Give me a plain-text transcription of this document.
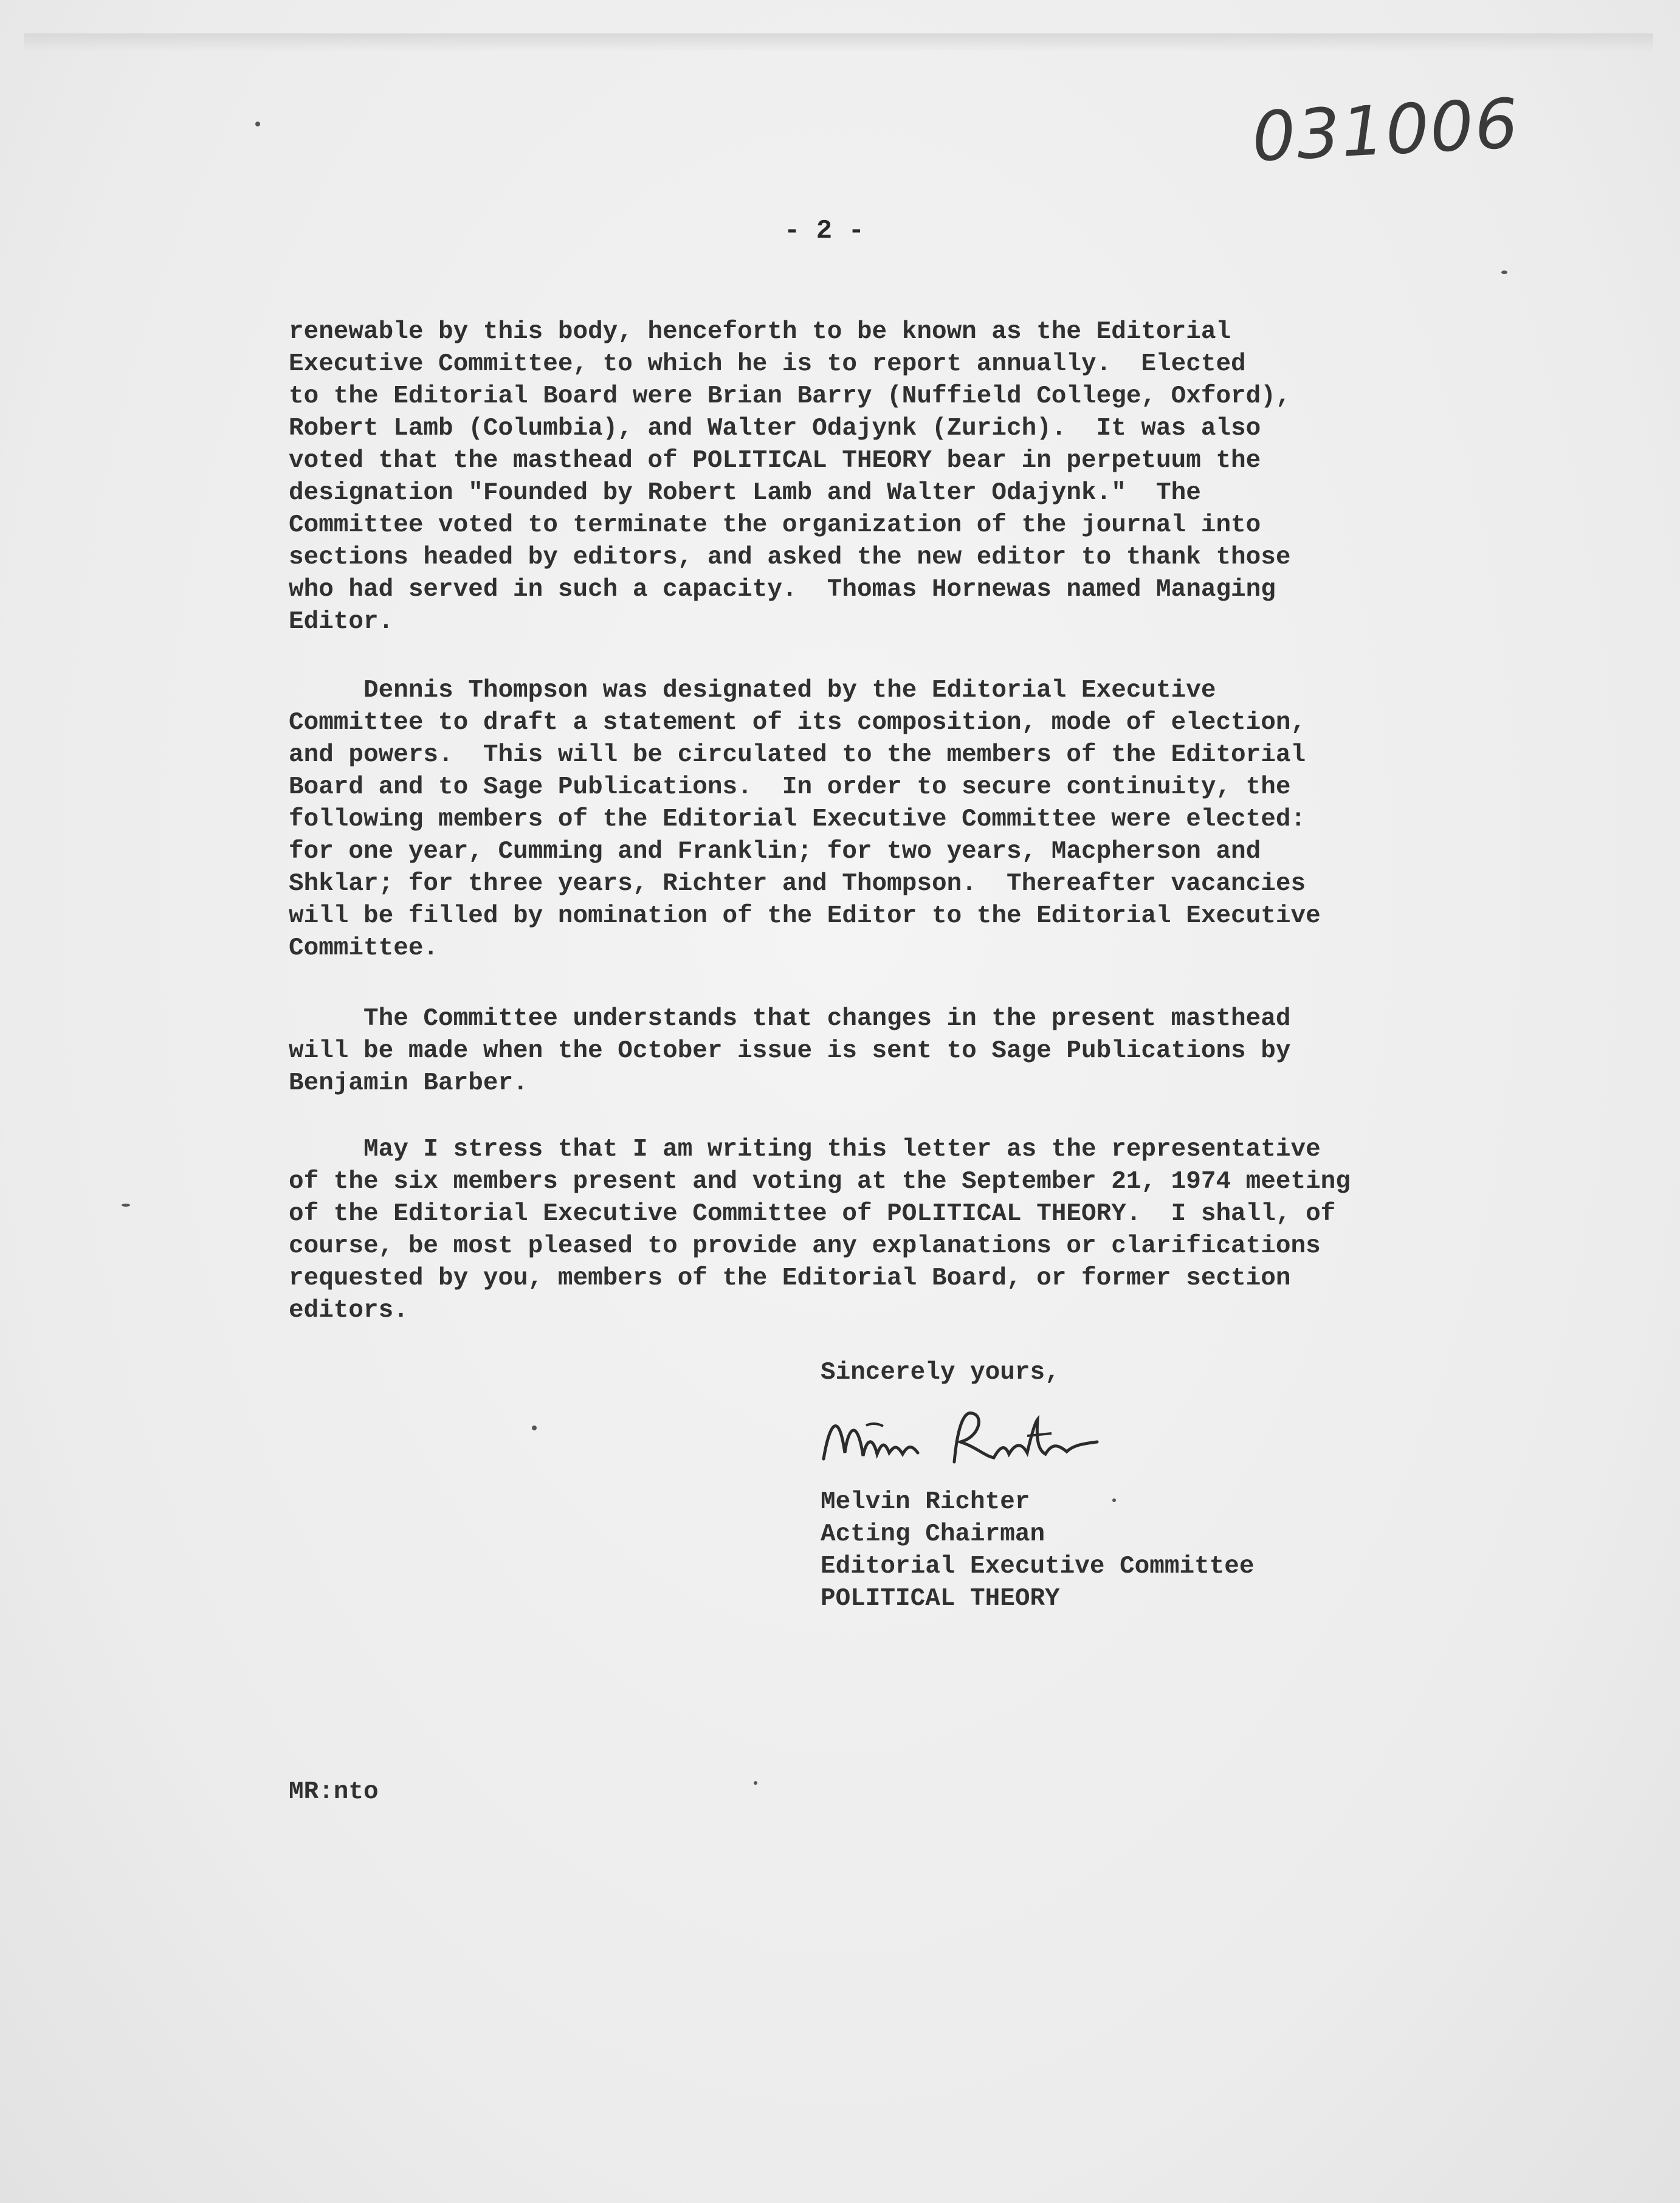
031006
- 2 -
renewable by this body, henceforth to be known as the Editorial
Executive Committee, to which he is to report annually.  Elected
to the Editorial Board were Brian Barry (Nuffield College, Oxford),
Robert Lamb (Columbia), and Walter Odajynk (Zurich).  It was also
voted that the masthead of POLITICAL THEORY bear in perpetuum the
designation "Founded by Robert Lamb and Walter Odajynk."  The
Committee voted to terminate the organization of the journal into
sections headed by editors, and asked the new editor to thank those
who had served in such a capacity.  Thomas Hornewas named Managing
Editor.
Dennis Thompson was designated by the Editorial Executive
Committee to draft a statement of its composition, mode of election,
and powers.  This will be circulated to the members of the Editorial
Board and to Sage Publications.  In order to secure continuity, the
following members of the Editorial Executive Committee were elected:
for one year, Cumming and Franklin; for two years, Macpherson and
Shklar; for three years, Richter and Thompson.  Thereafter vacancies
will be filled by nomination of the Editor to the Editorial Executive
Committee.
The Committee understands that changes in the present masthead
will be made when the October issue is sent to Sage Publications by
Benjamin Barber.
May I stress that I am writing this letter as the representative
of the six members present and voting at the September 21, 1974 meeting
of the Editorial Executive Committee of POLITICAL THEORY.  I shall, of
course, be most pleased to provide any explanations or clarifications
requested by you, members of the Editorial Board, or former section
editors.
Sincerely yours,
Melvin Richter
Acting Chairman
Editorial Executive Committee
POLITICAL THEORY
MR:nto
